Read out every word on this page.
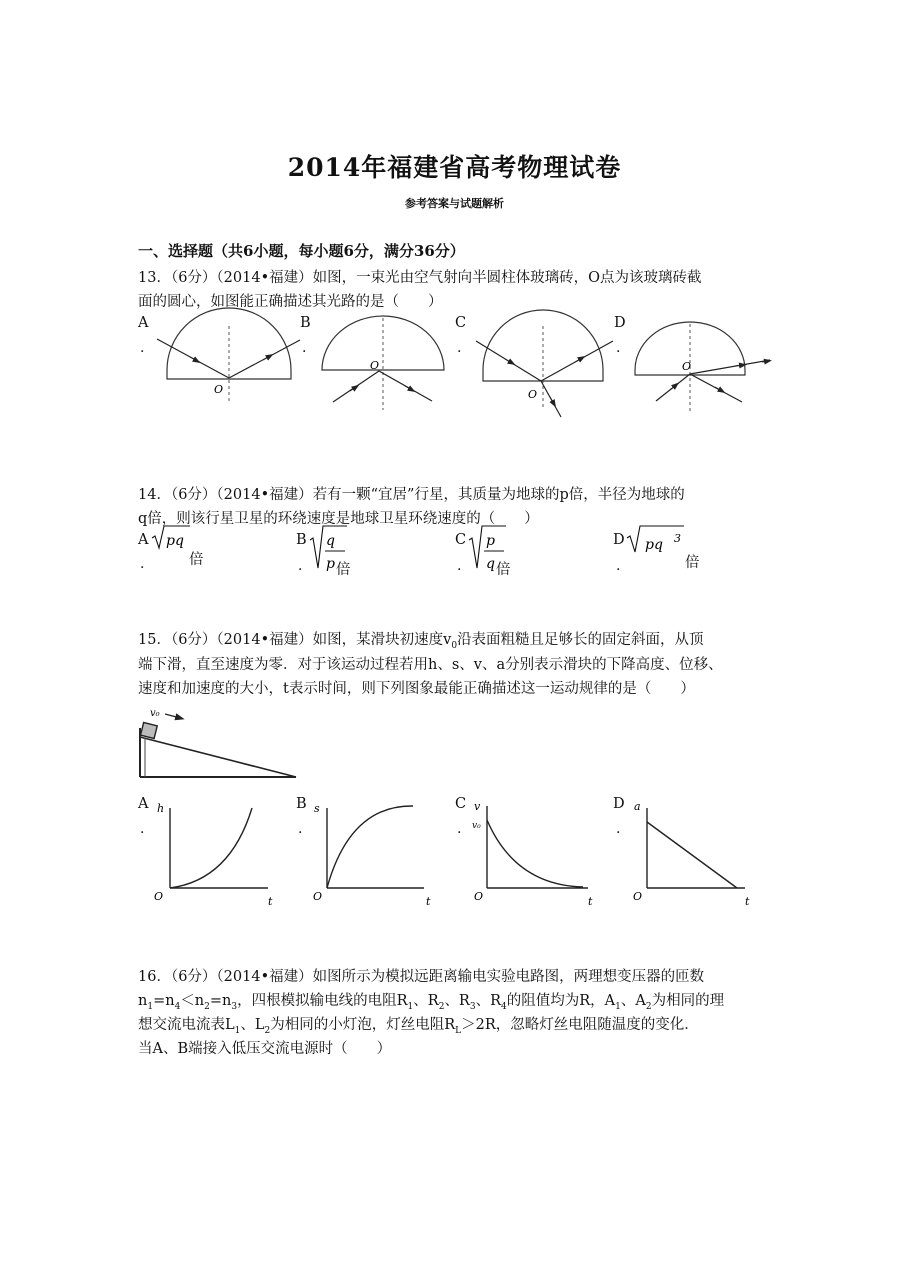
2014年福建省高考物理试卷
参考答案与试题解析
一、选择题（共6小题，每小题6分，满分36分）
13．（6分）（2014•福建）如图，一束光由空气射向半圆柱体玻璃砖，O点为该玻璃砖截
面的圆心，如图能正确描述其光路的是（　　）
A
.
B
.
C
.
D
.
O
O
O
O
14．（6分）（2014•福建）若有一颗“宜居”行星，其质量为地球的p倍，半径为地球的
q倍，则该行星卫星的环绕速度是地球卫星环绕速度的（　　）
A
.
B
.
C
.
D
.
pq	q
p
p
q
pq 3
倍
倍	倍	倍
15．（6分）（2014•福建）如图，某滑块初速度$v_0$沿表面粗糙且足够长的固定斜面，从顶
端下滑，直至速度为零．对于该运动过程若用h、s、v、a分别表示滑块的下降高度、位移、
速度和加速度的大小，t表示时间，则下列图象最能正确描述这一运动规律的是（　　）
v₀
A
.
B
.
C
.
D
.
h
O	t
s
O	t
v
v₀
O	t
a
O	t
16．（6分）（2014•福建）如图所示为模拟远距离输电实验电路图，两理想变压器的匝数
$n_1=n_4<n_2=n_3$，四根模拟输电线的电阻$R_1$、$R_2$、$R_3$、$R_4$的阻值均为R，$A_1$、$A_2$为相同的理
想交流电流表$L_1$、$L_2$为相同的小灯泡，灯丝电阻$R_L>2R$，忽略灯丝电阻随温度的变化．
当A、B端接入低压交流电源时（　　）
